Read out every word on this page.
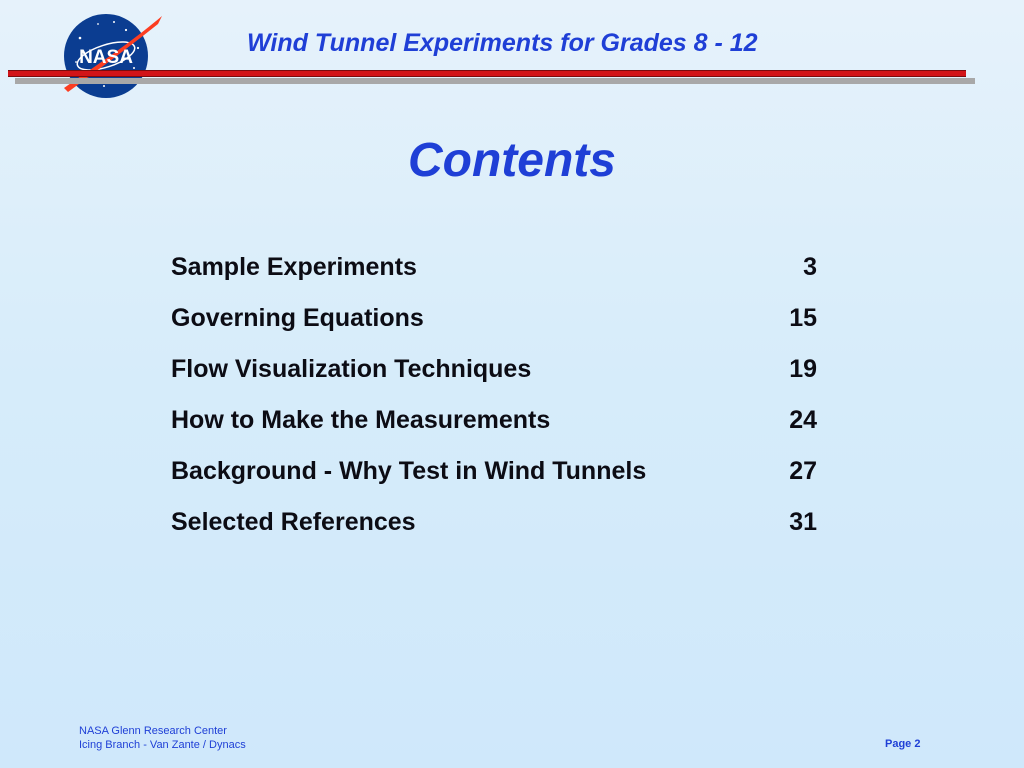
NASA
Wind Tunnel Experiments for Grades 8 - 12
Contents
Sample Experiments	3
Governing Equations	15
Flow Visualization Techniques	19
How to Make the Measurements	24
Background - Why Test in Wind Tunnels	27
Selected References	31
NASA Glenn Research Center
Icing Branch - Van Zante / Dynacs	Page 2
